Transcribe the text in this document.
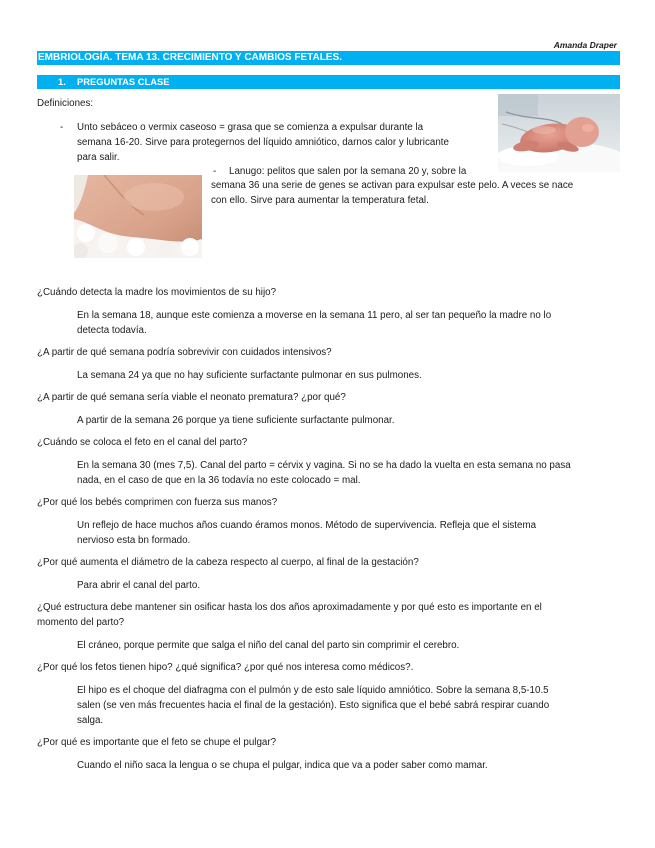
Amanda Draper
EMBRIOLOGÍA. TEMA 13. CRECIMIENTO Y CAMBIOS FETALES.
1. PREGUNTAS CLASE
Definiciones:
- Unto sebáceo o vermix caseoso = grasa que se comienza a expulsar durante la
semana 16-20. Sirve para protegernos del líquido amniótico, darnos calor y lubricante
para salir.
- Lanugo: pelitos que salen por la semana 20 y, sobre la
semana 36 una serie de genes se activan para expulsar este pelo. A veces se nace
con ello. Sirve para aumentar la temperatura fetal.
¿Cuándo detecta la madre los movimientos de su hijo?
En la semana 18, aunque este comienza a moverse en la semana 11 pero, al ser tan pequeño la madre no lo
detecta todavía.
¿A partir de qué semana podría sobrevivir con cuidados intensivos?
La semana 24 ya que no hay suficiente surfactante pulmonar en sus pulmones.
¿A partir de qué semana sería viable el neonato prematura? ¿por qué?
A partir de la semana 26 porque ya tiene suficiente surfactante pulmonar.
¿Cuándo se coloca el feto en el canal del parto?
En la semana 30 (mes 7,5). Canal del parto = cérvix y vagina. Si no se ha dado la vuelta en esta semana no pasa
nada, en el caso de que en la 36 todavía no este colocado = mal.
¿Por qué los bebés comprimen con fuerza sus manos?
Un reflejo de hace muchos años cuando éramos monos. Método de supervivencia. Refleja que el sistema
nervioso esta bn formado.
¿Por qué aumenta el diámetro de la cabeza respecto al cuerpo, al final de la gestación?
Para abrir el canal del parto.
¿Qué estructura debe mantener sin osificar hasta los dos años aproximadamente y por qué esto es importante en el
momento del parto?
El cráneo, porque permite que salga el niño del canal del parto sin comprimir el cerebro.
¿Por qué los fetos tienen hipo? ¿qué significa? ¿por qué nos interesa como médicos?.
El hipo es el choque del diafragma con el pulmón y de esto sale líquido amniótico. Sobre la semana 8,5-10.5
salen (se ven más frecuentes hacia el final de la gestación). Esto significa que el bebé sabrá respirar cuando
salga.
¿Por qué es importante que el feto se chupe el pulgar?
Cuando el niño saca la lengua o se chupa el pulgar, indica que va a poder saber como mamar.
